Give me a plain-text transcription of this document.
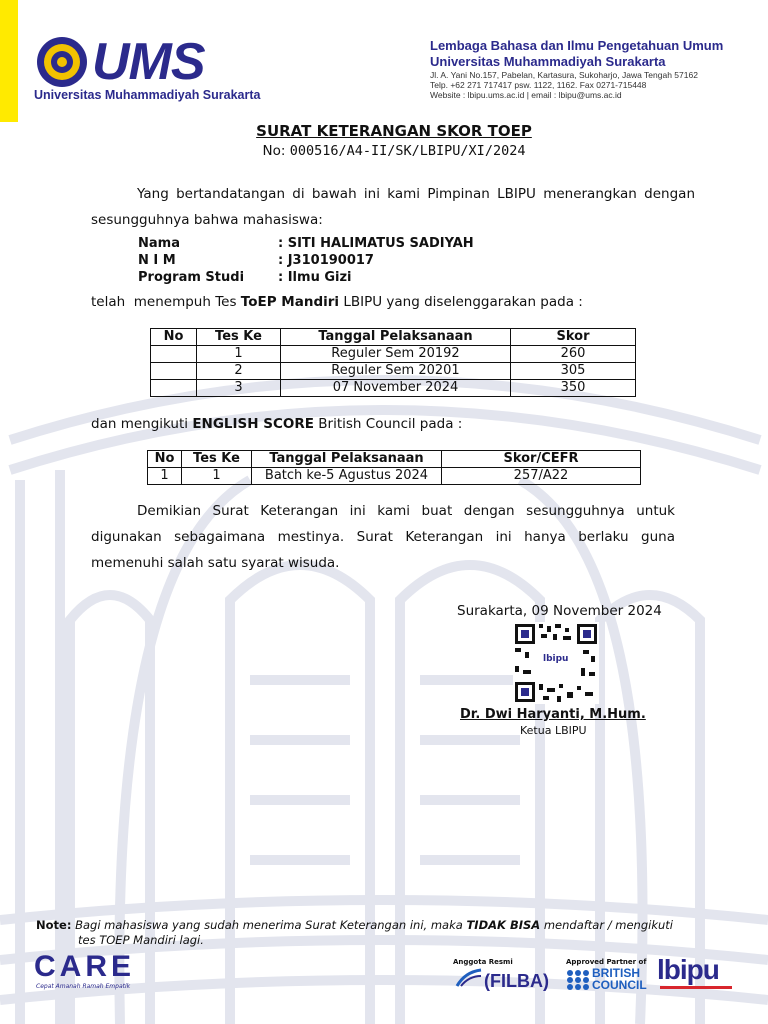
UMS
Universitas Muhammadiyah Surakarta
Lembaga Bahasa dan Ilmu Pengetahuan Umum
Universitas Muhammadiyah Surakarta
Jl. A. Yani No.157, Pabelan, Kartasura, Sukoharjo, Jawa Tengah 57162
Telp. +62 271 717417 psw. 1122, 1162. Fax 0271-715448
Website : lbipu.ums.ac.id | email : lbipu@ums.ac.id
SURAT KETERANGAN SKOR TOEP
No: 000516/A4-II/SK/LBIPU/XI/2024
Yang bertandatangan di bawah ini kami Pimpinan LBIPU menerangkan dengan sesungguhnya bahwa mahasiswa:
Nama	: SITI HALIMATUS SADIYAH
N I M	: J310190017
Program Studi	: Ilmu Gizi
telah  menempuh Tes ToEP Mandiri LBIPU yang diselenggarakan pada :
No	Tes Ke	Tanggal Pelaksanaan	Skor
	1	Reguler Sem 20192	260
	2	Reguler Sem 20201	305
	3	07 November 2024	350
dan mengikuti ENGLISH SCORE British Council pada :
No	Tes Ke	Tanggal Pelaksanaan	Skor/CEFR
1	1	Batch ke-5 Agustus 2024	257/A22
Demikian Surat Keterangan ini kami buat dengan sesungguhnya untuk digunakan sebagaimana mestinya. Surat Keterangan ini hanya berlaku guna memenuhi salah satu syarat wisuda.
Surakarta, 09 November 2024
lbipu
Dr. Dwi Haryanti, M.Hum.
Ketua LBIPU
Note: Bagi mahasiswa yang sudah menerima Surat Keterangan ini, maka TIDAK BISA mendaftar / mengikuti
tes TOEP Mandiri lagi.
CARE
Cepat Amanah Ramah Empatik
Anggota Resmi
(FILBA)
Approved Partner of
BRITISH
COUNCIL lbipu
